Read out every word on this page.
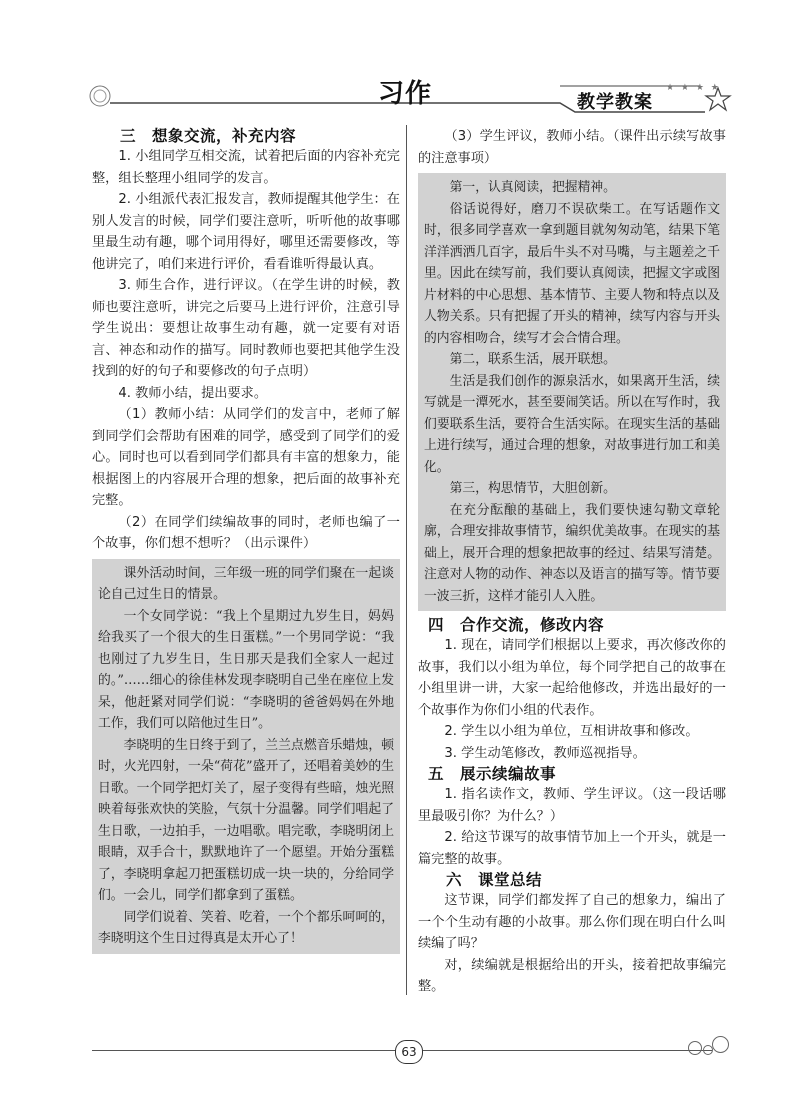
习作	教学教案
★ ★ ★ ★
三　想象交流，补充内容

1. 小组同学互相交流，试着把后面的内容补充完整，组长整理小组同学的发言。

2. 小组派代表汇报发言，教师提醒其他学生：在别人发言的时候，同学们要注意听，听听他的故事哪里最生动有趣，哪个词用得好，哪里还需要修改，等他讲完了，咱们来进行评价，看看谁听得最认真。

3. 师生合作，进行评议。（在学生讲的时候，教师也要注意听，讲完之后要马上进行评价，注意引导学生说出：要想让故事生动有趣，就一定要有对语言、神态和动作的描写。同时教师也要把其他学生没找到的好的句子和要修改的句子点明）

4. 教师小结，提出要求。

（1）教师小结：从同学们的发言中，老师了解到同学们会帮助有困难的同学，感受到了同学们的爱心。同时也可以看到同学们都具有丰富的想象力，能根据图上的内容展开合理的想象，把后面的故事补充完整。

（2）在同学们续编故事的同时，老师也编了一个故事，你们想不想听？（出示课件）

课外活动时间，三年级一班的同学们聚在一起谈论自己过生日的情景。

一个女同学说：“我上个星期过九岁生日，妈妈给我买了一个很大的生日蛋糕。”一个男同学说：“我也刚过了九岁生日，生日那天是我们全家人一起过的。”……细心的徐佳林发现李晓明自己坐在座位上发呆，他赶紧对同学们说：“李晓明的爸爸妈妈在外地工作，我们可以陪他过生日”。

李晓明的生日终于到了，兰兰点燃音乐蜡烛，顿时，火光四射，一朵“荷花”盛开了，还唱着美妙的生日歌。一个同学把灯关了，屋子变得有些暗，烛光照映着每张欢快的笑脸，气氛十分温馨。同学们唱起了生日歌，一边拍手，一边唱歌。唱完歌，李晓明闭上眼睛，双手合十，默默地许了一个愿望。开始分蛋糕了，李晓明拿起刀把蛋糕切成一块一块的，分给同学们。一会儿，同学们都拿到了蛋糕。

同学们说着、笑着、吃着，一个个都乐呵呵的，李晓明这个生日过得真是太开心了！

（3）学生评议，教师小结。（课件出示续写故事的注意事项）

第一，认真阅读，把握精神。

俗话说得好，磨刀不误砍柴工。在写话题作文时，很多同学喜欢一拿到题目就匆匆动笔，结果下笔洋洋洒洒几百字，最后牛头不对马嘴，与主题差之千里。因此在续写前，我们要认真阅读，把握文字或图片材料的中心思想、基本情节、主要人物和特点以及人物关系。只有把握了开头的精神，续写内容与开头的内容相吻合，续写才会合情合理。

第二，联系生活，展开联想。

生活是我们创作的源泉活水，如果离开生活，续写就是一潭死水，甚至要闹笑话。所以在写作时，我们要联系生活，要符合生活实际。在现实生活的基础上进行续写，通过合理的想象，对故事进行加工和美化。

第三，构思情节，大胆创新。

在充分酝酿的基础上，我们要快速勾勒文章轮廓，合理安排故事情节，编织优美故事。在现实的基础上，展开合理的想象把故事的经过、结果写清楚。注意对人物的动作、神态以及语言的描写等。情节要一波三折，这样才能引人入胜。

四　合作交流，修改内容

1. 现在，请同学们根据以上要求，再次修改你的故事，我们以小组为单位，每个同学把自己的故事在小组里讲一讲，大家一起给他修改，并选出最好的一个故事作为你们小组的代表作。

2. 学生以小组为单位，互相讲故事和修改。

3. 学生动笔修改，教师巡视指导。

五　展示续编故事

1. 指名读作文，教师、学生评议。（这一段话哪里最吸引你？为什么？）

2. 给这节课写的故事情节加上一个开头，就是一篇完整的故事。

六　课堂总结

这节课，同学们都发挥了自己的想象力，编出了一个个生动有趣的小故事。那么你们现在明白什么叫续编了吗？

对，续编就是根据给出的开头，接着把故事编完整。

63
